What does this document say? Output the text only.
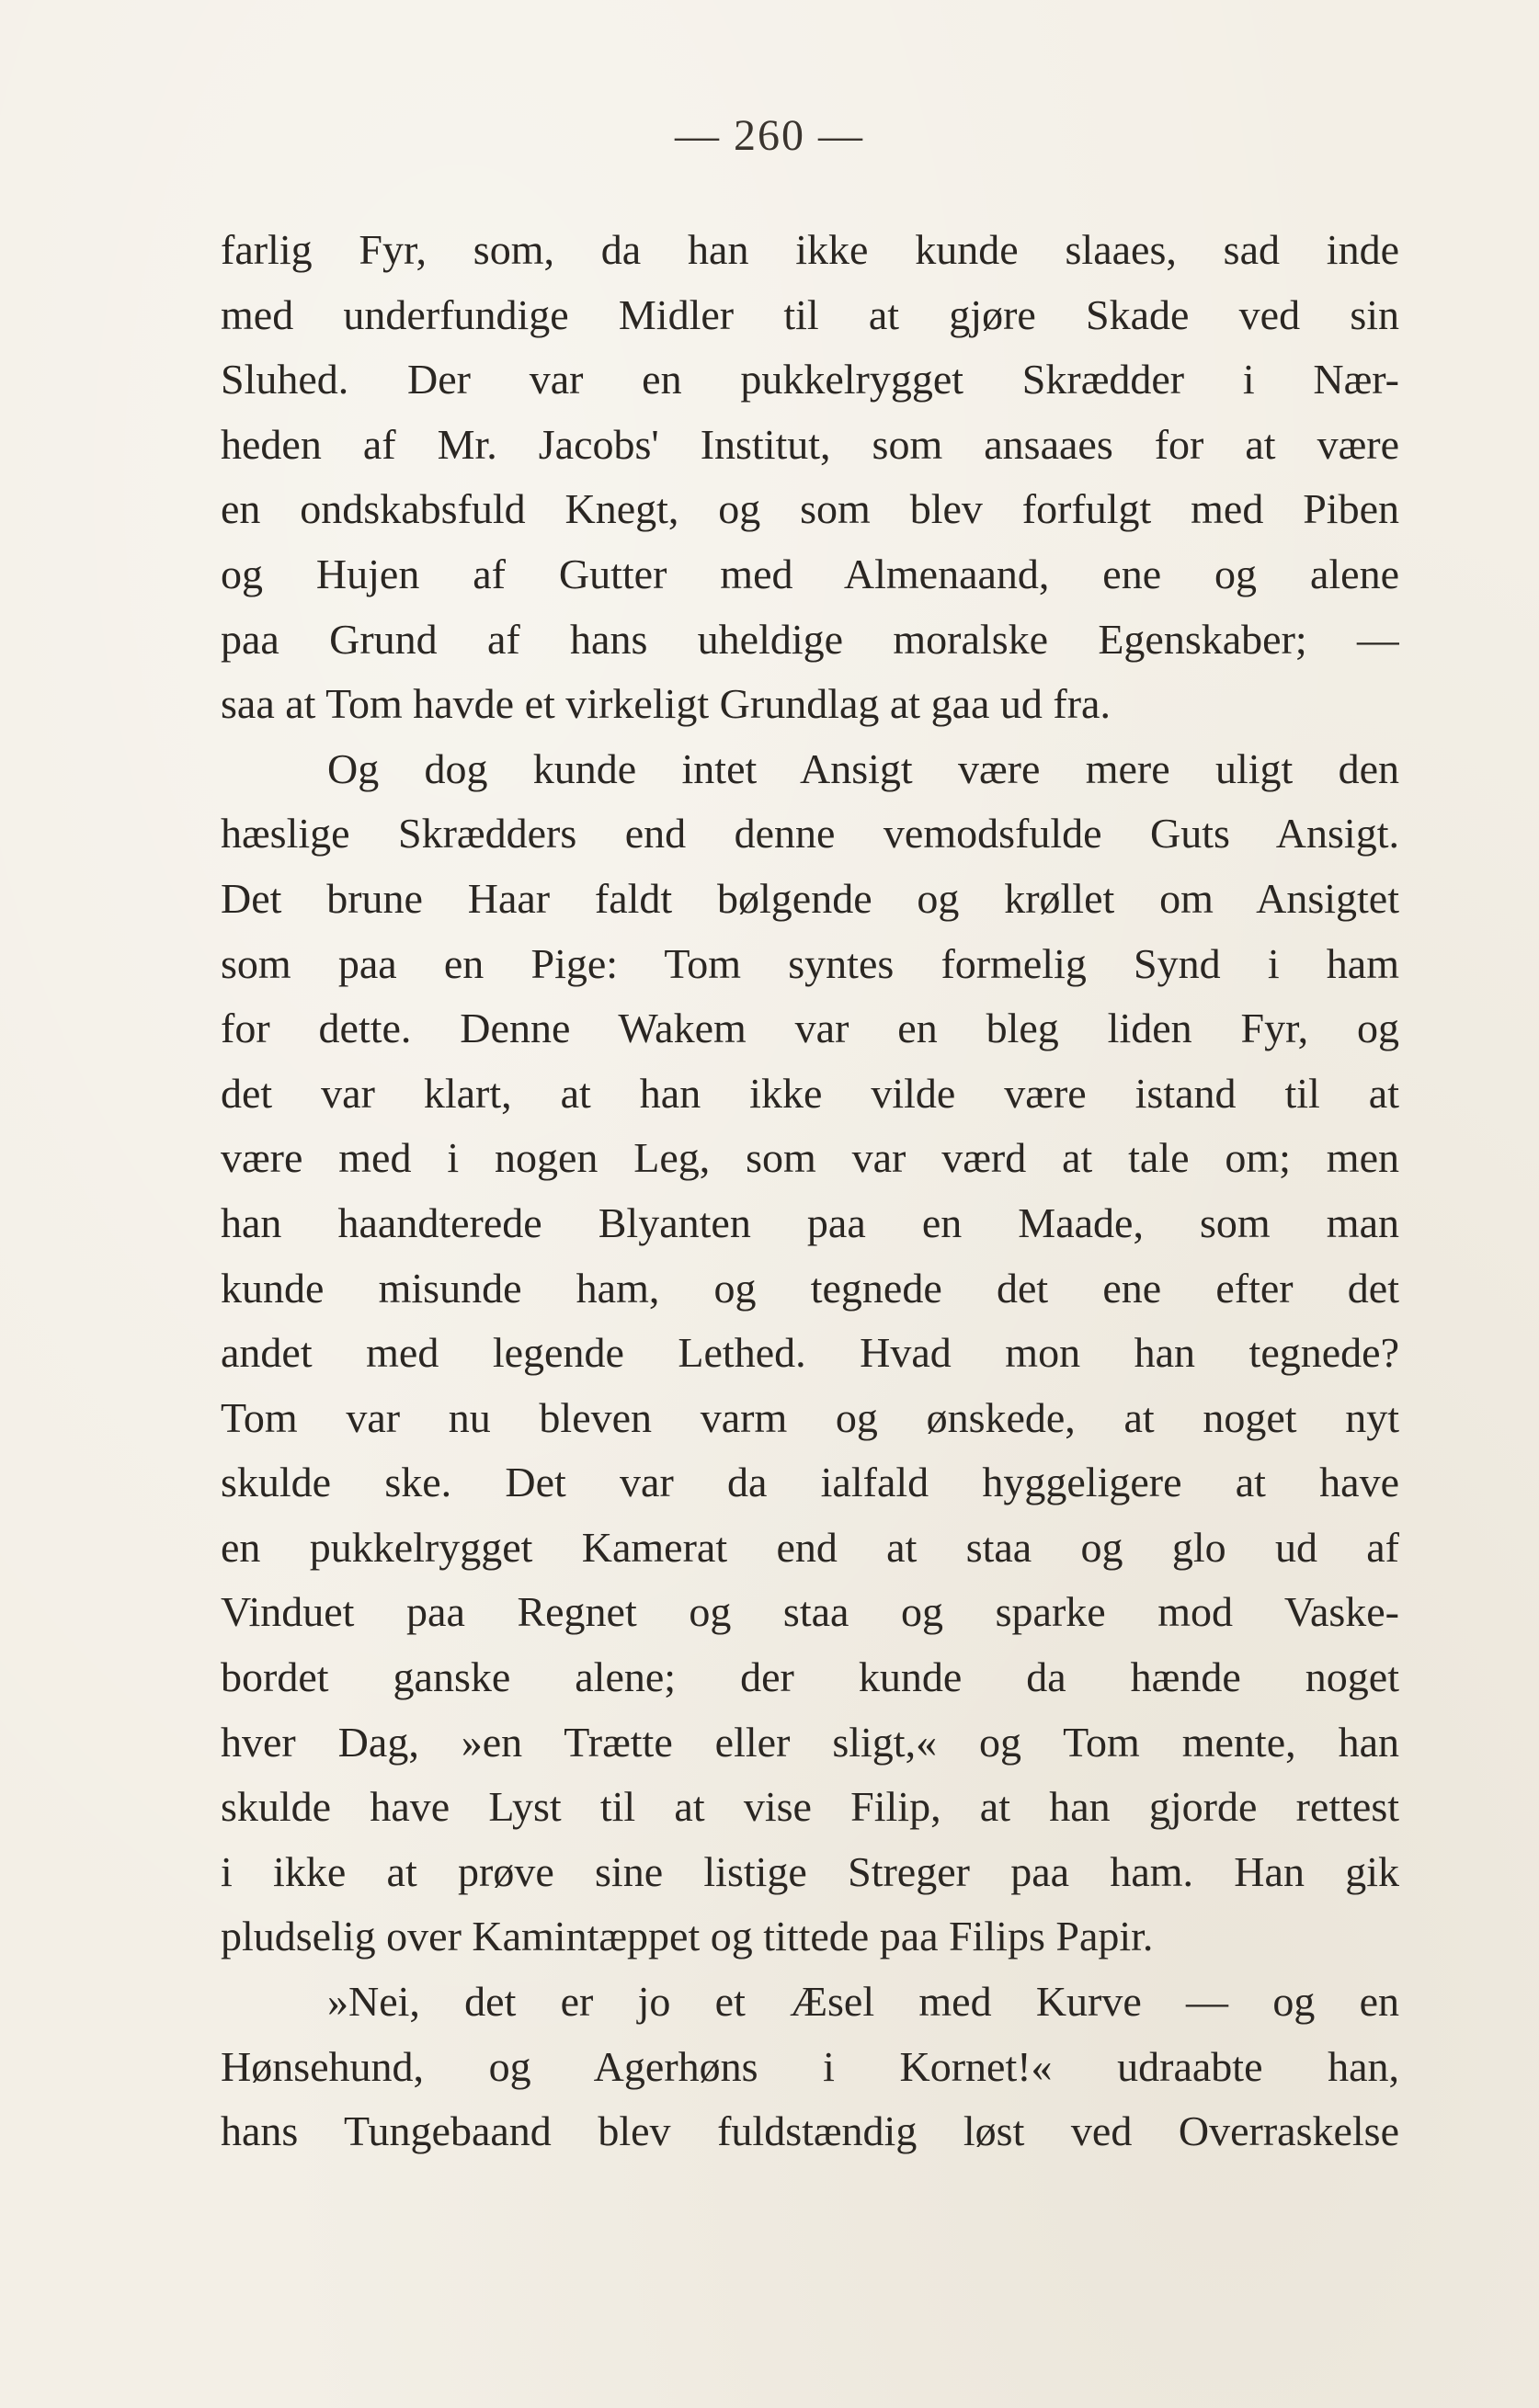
— 260 —
farlig Fyr, som, da han ikke kunde slaaes, sad inde
med underfundige Midler til at gjøre Skade ved sin
Sluhed. Der var en pukkelrygget Skrædder i Nær-
heden af Mr. Jacobs' Institut, som ansaaes for at være
en ondskabsfuld Knegt, og som blev forfulgt med Piben
og Hujen af Gutter med Almenaand, ene og alene
paa Grund af hans uheldige moralske Egenskaber; —
saa at Tom havde et virkeligt Grundlag at gaa ud fra.
Og dog kunde intet Ansigt være mere uligt den
hæslige Skrædders end denne vemodsfulde Guts Ansigt.
Det brune Haar faldt bølgende og krøllet om Ansigtet
som paa en Pige: Tom syntes formelig Synd i ham
for dette. Denne Wakem var en bleg liden Fyr, og
det var klart, at han ikke vilde være istand til at
være med i nogen Leg, som var værd at tale om; men
han haandterede Blyanten paa en Maade, som man
kunde misunde ham, og tegnede det ene efter det
andet med legende Lethed. Hvad mon han tegnede?
Tom var nu bleven varm og ønskede, at noget nyt
skulde ske. Det var da ialfald hyggeligere at have
en pukkelrygget Kamerat end at staa og glo ud af
Vinduet paa Regnet og staa og sparke mod Vaske-
bordet ganske alene; der kunde da hænde noget
hver Dag, »en Trætte eller sligt,« og Tom mente, han
skulde have Lyst til at vise Filip, at han gjorde rettest
i ikke at prøve sine listige Streger paa ham. Han gik
pludselig over Kamintæppet og tittede paa Filips Papir.
»Nei, det er jo et Æsel med Kurve — og en
Hønsehund, og Agerhøns i Kornet!« udraabte han,
hans Tungebaand blev fuldstændig løst ved Overraskelse
